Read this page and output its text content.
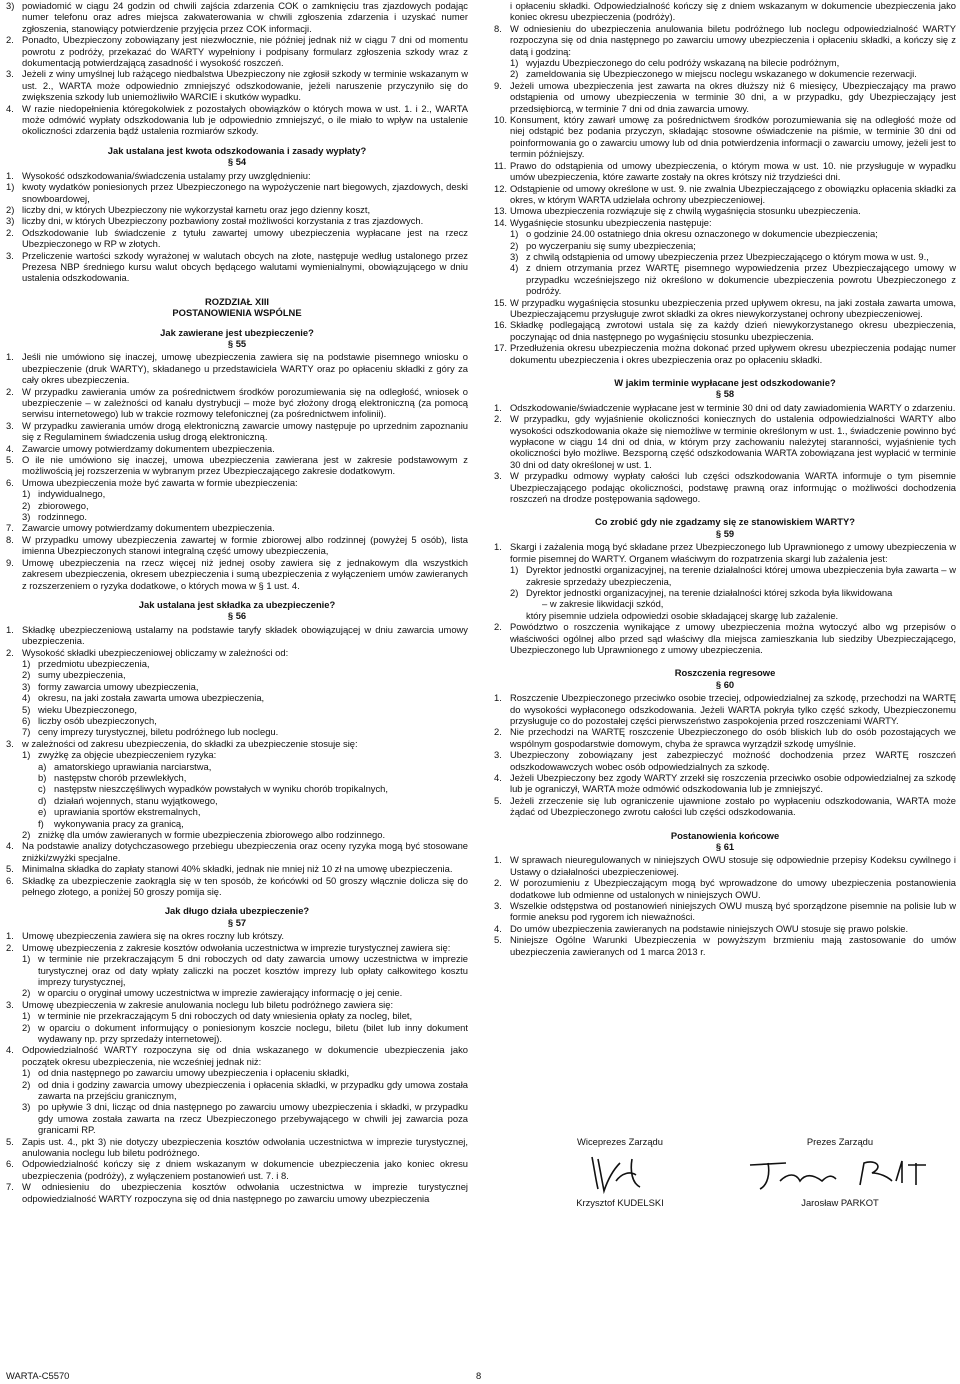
3) powiadomić w ciągu 24 godzin od chwili zajścia zdarzenia COK o zamknięciu tras zjazdowych podając numer telefonu oraz adres miejsca zakwaterowania w chwili zgłoszenia zdarzenia i uzyskać numer zgłoszenia, stanowiący potwierdzenie przyjęcia przez COK informacji.
2. Ponadto, Ubezpieczony zobowiązany jest niezwłocznie, nie później jednak niż w ciągu 7 dni od momentu powrotu z podróży, przekazać do WARTY wypełniony i podpisany formularz zgłoszenia szkody wraz z dokumentacją potwierdzającą zasadność i wysokość roszczeń.
3. Jeżeli z winy umyślnej lub rażącego niedbalstwa Ubezpieczony nie zgłosił szkody w terminie wskazanym w ust. 2., WARTA może odpowiednio zmniejszyć odszkodowanie, jeżeli naruszenie przyczyniło się do zwiększenia szkody lub uniemożliwiło WARCIE i skutków wypadku.
4. W razie niedopełnienia któregokolwiek z pozostałych obowiązków o których mowa w ust. 1. i 2., WARTA może odmówić wypłaty odszkodowania lub je odpowiednio zmniejszyć, o ile miało to wpływ na ustalenie okoliczności zdarzenia bądź ustalenia rozmiarów szkody.

Jak ustalana jest kwota odszkodowania i zasady wypłaty?

§ 54

1. Wysokość odszkodowania/świadczenia ustalamy przy uwzględnieniu:
1) kwoty wydatków poniesionych przez Ubezpieczonego na wypożyczenie nart biegowych, zjazdowych, deski snowboardowej,
2) liczby dni, w których Ubezpieczony nie wykorzystał karnetu oraz jego dzienny koszt,
3) liczby dni, w których Ubezpieczony pozbawiony został możliwości korzystania z tras zjazdowych.
2. Odszkodowanie lub świadczenie z tytułu zawartej umowy ubezpieczenia wypłacane jest na rzecz Ubezpieczonego w RP w złotych.
3. Przeliczenie wartości szkody wyrażonej w walutach obcych na złote, następuje według ustalonego przez Prezesa NBP średniego kursu walut obcych będącego walutami wymienialnymi, obowiązującego w dniu ustalenia odszkodowania.

ROZDZIAŁ XIII

POSTANOWIENIA WSPÓLNE

Jak zawierane jest ubezpieczenie?

§ 55

1. Jeśli nie umówiono się inaczej, umowę ubezpieczenia zawiera się na podstawie pisemnego wniosku o ubezpieczenie (druk WARTY), składanego u przedstawiciela WARTY oraz po opłaceniu składki z góry za cały okres ubezpieczenia.
2. W przypadku zawierania umów za pośrednictwem środków porozumiewania się na odległość, wniosek o ubezpieczenie – w zależności od kanału dystrybucji – może być złożony drogą elektroniczną (za pomocą serwisu internetowego) lub w trakcie rozmowy telefonicznej (za pośrednictwem infolinii).
3. W przypadku zawierania umów drogą elektroniczną zawarcie umowy następuje po uprzednim zapoznaniu się z Regulaminem świadczenia usług drogą elektroniczną.
4. Zawarcie umowy potwierdzamy dokumentem ubezpieczenia.
5. O ile nie umówiono się inaczej, umowa ubezpieczenia zawierana jest w zakresie podstawowym z możliwością jej rozszerzenia w wybranym przez Ubezpieczającego zakresie dodatkowym.
6. Umowa ubezpieczenia może być zawarta w formie ubezpieczenia:
1) indywidualnego,
2) zbiorowego,
3) rodzinnego.
7. Zawarcie umowy potwierdzamy dokumentem ubezpieczenia.
8. W przypadku umowy ubezpieczenia zawartej w formie zbiorowej albo rodzinnej (powyżej 5 osób), lista imienna Ubezpieczonych stanowi integralną część umowy ubezpieczenia,
9. Umowę ubezpieczenia na rzecz więcej niż jednej osoby zawiera się z jednakowym dla wszystkich zakresem ubezpieczenia, okresem ubezpieczenia i sumą ubezpieczenia z wyłączeniem umów zawieranych z rozszerzeniem o ryzyka dodatkowe, o których mowa w § 1 ust. 4.

Jak ustalana jest składka za ubezpieczenie?

§ 56

1. Składkę ubezpieczeniową ustalamy na podstawie taryfy składek obowiązującej w dniu zawarcia umowy ubezpieczenia.
2. Wysokość składki ubezpieczeniowej obliczamy w zależności od:
1) przedmiotu ubezpieczenia,
2) sumy ubezpieczenia,
3) formy zawarcia umowy ubezpieczenia,
4) okresu, na jaki została zawarta umowa ubezpieczenia,
5) wieku Ubezpieczonego,
6) liczby osób ubezpieczonych,
7) ceny imprezy turystycznej, biletu podróżnego lub noclegu.
3. w zależności od zakresu ubezpieczenia, do składki za ubezpieczenie stosuje się:
1) zwyżkę za objęcie ubezpieczeniem ryzyka:
a) amatorskiego uprawiania narciarstwa,
b) następstw chorób przewlekłych,
c) następstw nieszczęśliwych wypadków powstałych w wyniku chorób tropikalnych,
d) działań wojennych, stanu wyjątkowego,
e) uprawiania sportów ekstremalnych,
f)	wykonywania pracy za granicą,
2) zniżkę dla umów zawieranych w formie ubezpieczenia zbiorowego albo rodzinnego.
4. Na podstawie analizy dotychczasowego przebiegu ubezpieczenia oraz oceny ryzyka mogą być stosowane zniżki/zwyżki specjalne.
5. Minimalna składka do zapłaty stanowi 40% składki, jednak nie mniej niż 10 zł na umowę ubezpieczenia.
6. Składkę za ubezpieczenie zaokrągla się w ten sposób, że końcówki od 50 groszy włącznie dolicza się do pełnego złotego, a poniżej 50 groszy pomija się.

Jak długo działa ubezpieczenie?

§ 57

1. Umowę ubezpieczenia zawiera się na okres roczny lub krótszy.
2. Umowę ubezpieczenia z zakresie kosztów odwołania uczestnictwa w imprezie turystycznej zawiera się:
1) w terminie nie przekraczającym 5 dni roboczych od daty zawarcia umowy uczestnictwa w imprezie turystycznej oraz od daty wpłaty zaliczki na poczet kosztów imprezy lub opłaty całkowitego kosztu imprezy turystycznej,
2) w oparciu o oryginał umowy uczestnictwa w imprezie zawierający informację o jej cenie.
3. Umowę ubezpieczenia w zakresie anulowania noclegu lub biletu podróżnego zawiera się:
1) w terminie nie przekraczającym 5 dni roboczych od daty wniesienia opłaty za nocleg, bilet,
2) w oparciu o dokument informujący o poniesionym koszcie noclegu, biletu (bilet lub inny dokument wydawany np. przy sprzedaży internetowej).
4. Odpowiedzialność WARTY rozpoczyna się od dnia wskazanego w dokumencie ubezpieczenia jako początek okresu ubezpieczenia, nie wcześniej jednak niż:
1) od dnia następnego po zawarciu umowy ubezpieczenia i opłaceniu składki,
2) od dnia i godziny zawarcia umowy ubezpieczenia i opłacenia składki, w przypadku gdy umowa została zawarta na przejściu granicznym,
3) po upływie 3 dni, licząc od dnia następnego po zawarciu umowy ubezpieczenia i składki, w przypadku gdy umowa została zawarta na rzecz Ubezpieczonego przebywającego w chwili jej zawarcia poza granicami RP.
5. Zapis ust. 4., pkt 3) nie dotyczy ubezpieczenia kosztów odwołania uczestnictwa w imprezie turystycznej, anulowania noclegu lub biletu podróżnego.
6. Odpowiedzialność kończy się z dniem wskazanym w dokumencie ubezpieczenia jako koniec okresu ubezpieczenia (podróży), z wyłączeniem postanowień ust. 7. i 8.
7. W odniesieniu do ubezpieczenia kosztów odwołania uczestnictwa w imprezie turystycznej odpowiedzialność WARTY rozpoczyna się od dnia następnego po zawarciu umowy ubezpieczenia

i opłaceniu składki. Odpowiedzialność kończy się z dniem wskazanym w dokumencie ubezpieczenia jako koniec okresu ubezpieczenia (podróży).

8. W odniesieniu do ubezpieczenia anulowania biletu podróżnego lub noclegu odpowiedzialność WARTY rozpoczyna się od dnia następnego po zawarciu umowy ubezpieczenia i opłaceniu składki, a kończy się z datą i godziną:
1) wyjazdu Ubezpieczonego do celu podróży wskazaną na bilecie podróżnym,
2) zameldowania się Ubezpieczonego w miejscu noclegu wskazanego w dokumencie rezerwacji.
9. Jeżeli umowa ubezpieczenia jest zawarta na okres dłuższy niż 6 miesięcy, Ubezpieczający ma prawo odstąpienia od umowy ubezpieczenia w terminie 30 dni, a w przypadku, gdy Ubezpieczający jest przedsiębiorcą, w terminie 7 dni od dnia zawarcia umowy.
10. Konsument, który zawarł umowę za pośrednictwem środków porozumiewania się na odległość może od niej odstąpić bez podania przyczyn, składając stosowne oświadczenie na piśmie, w terminie 30 dni od poinformowania go o zawarciu umowy lub od dnia potwierdzenia informacji o zawarciu umowy, jeżeli jest to termin późniejszy.
11. Prawo do odstąpienia od umowy ubezpieczenia, o którym mowa w ust. 10. nie przysługuje w wypadku umów ubezpieczenia, które zawarte zostały na okres krótszy niż trzydzieści dni.
12. Odstąpienie od umowy określone w ust. 9. nie zwalnia Ubezpieczającego z obowiązku opłacenia składki za okres, w którym WARTA udzielała ochrony ubezpieczeniowej.
13. Umowa ubezpieczenia rozwiązuje się z chwilą wygaśnięcia stosunku ubezpieczenia.
14. Wygaśnięcie stosunku ubezpieczenia następuje:
1) o godzinie 24.00 ostatniego dnia okresu oznaczonego w dokumencie ubezpieczenia;
2) po wyczerpaniu się sumy ubezpieczenia;
3) z chwilą odstąpienia od umowy ubezpieczenia przez Ubezpieczającego o którym mowa w ust. 9.,
4) z dniem otrzymania przez WARTĘ pisemnego wypowiedzenia przez Ubezpieczającego umowy w przypadku wcześniejszego niż określono w dokumencie ubezpieczenia powrotu Ubezpieczonego z podróży.
15. W przypadku wygaśnięcia stosunku ubezpieczenia przed upływem okresu, na jaki została zawarta umowa, Ubezpieczającemu przysługuje zwrot składki za okres niewykorzystanej ochrony ubezpieczeniowej.
16. Składkę podlegającą zwrotowi ustala się za każdy dzień niewykorzystanego okresu ubezpieczenia, poczynając od dnia następnego po wygaśnięciu stosunku ubezpieczenia.
17. Przedłużenia okresu ubezpieczenia można dokonać przed upływem okresu ubezpieczenia podając numer dokumentu ubezpieczenia i okres ubezpieczenia oraz po opłaceniu składki.

W jakim terminie wypłacane jest odszkodowanie?

§ 58

1. Odszkodowanie/świadczenie wypłacane jest w terminie 30 dni od daty zawiadomienia WARTY o zdarzeniu.
2. W przypadku, gdy wyjaśnienie okoliczności koniecznych do ustalenia odpowiedzialności WARTY albo wysokości odszkodowania okaże się niemożliwe w terminie określonym w ust. 1., świadczenie powinno być wypłacone w ciągu 14 dni od dnia, w którym przy zachowaniu należytej staranności, wyjaśnienie tych okoliczności było możliwe. Bezsporną część odszkodowania WARTA zobowiązana jest wypłacić w terminie 30 dni od daty określonej w ust. 1.
3. W przypadku odmowy wypłaty całości lub części odszkodowania WARTA informuje o tym pisemnie Ubezpieczającego podając okoliczności, podstawę prawną oraz informując o możliwości dochodzenia roszczeń na drodze postępowania sądowego.

Co zrobić gdy nie zgadzamy się ze stanowiskiem WARTY?

§ 59

1. Skargi i zażalenia mogą być składane przez Ubezpieczonego lub Uprawnionego z umowy ubezpieczenia w formie pisemnej do WARTY. Organem właściwym do rozpatrzenia skargi lub zażalenia jest:
1) Dyrektor jednostki organizacyjnej, na terenie działalności której umowa ubezpieczenia była zawarta – w zakresie sprzedaży ubezpieczenia,
2) Dyrektor jednostki organizacyjnej, na terenie działalności której szkoda była likwidowana

– w zakresie likwidacji szkód,

który pisemnie udziela odpowiedzi osobie składającej skargę lub zażalenie.

2. Powództwo o roszczenia wynikające z umowy ubezpieczenia można wytoczyć albo wg przepisów o właściwości ogólnej albo przed sąd właściwy dla miejsca zamieszkania lub siedziby Ubezpieczającego, Ubezpieczonego lub Uprawnionego z umowy ubezpieczenia.

Roszczenia regresowe

§ 60

1. Roszczenie Ubezpieczonego przeciwko osobie trzeciej, odpowiedzialnej za szkodę, przechodzi na WARTĘ do wysokości wypłaconego odszkodowania. Jeżeli WARTA pokryła tylko część szkody, Ubezpieczonemu przysługuje co do pozostałej części pierwszeństwo zaspokojenia przed roszczeniami WARTY.
2. Nie przechodzi na WARTĘ roszczenie Ubezpieczonego do osób bliskich lub do osób pozostających we wspólnym gospodarstwie domowym, chyba że sprawca wyrządził szkodę umyślnie.
3. Ubezpieczony zobowiązany jest zabezpieczyć możność dochodzenia przez WARTĘ roszczeń odszkodowawczych wobec osób odpowiedzialnych za szkodę.
4. Jeżeli Ubezpieczony bez zgody WARTY zrzekł się roszczenia przeciwko osobie odpowiedzialnej za szkodę lub je ograniczył, WARTA może odmówić odszkodowania lub je zmniejszyć.
5. Jeżeli zrzeczenie się lub ograniczenie ujawnione zostało po wypłaceniu odszkodowania, WARTA może żądać od Ubezpieczonego zwrotu całości lub części odszkodowania.

Postanowienia końcowe

§ 61

1. W sprawach nieuregulowanych w niniejszych OWU stosuje się odpowiednie przepisy Kodeksu cywilnego i Ustawy o działalności ubezpieczeniowej.
2. W porozumieniu z Ubezpieczającym mogą być wprowadzone do umowy ubezpieczenia postanowienia dodatkowe lub odmienne od ustalonych w niniejszych OWU.
3. Wszelkie odstępstwa od postanowień niniejszych OWU muszą być sporządzone pisemnie na polisie lub w formie aneksu pod rygorem ich nieważności.
4. Do umów ubezpieczenia zawieranych na podstawie niniejszych OWU stosuje się prawo polskie.
5. Niniejsze Ogólne Warunki Ubezpieczenia w powyższym brzmieniu mają zastosowanie do umów ubezpieczenia zawieranych od 1 marca 2013 r.
Wiceprezes Zarządu
Krzysztof KUDELSKI
Prezes Zarządu
Jarosław PARKOT
WARTA-C5570	8
